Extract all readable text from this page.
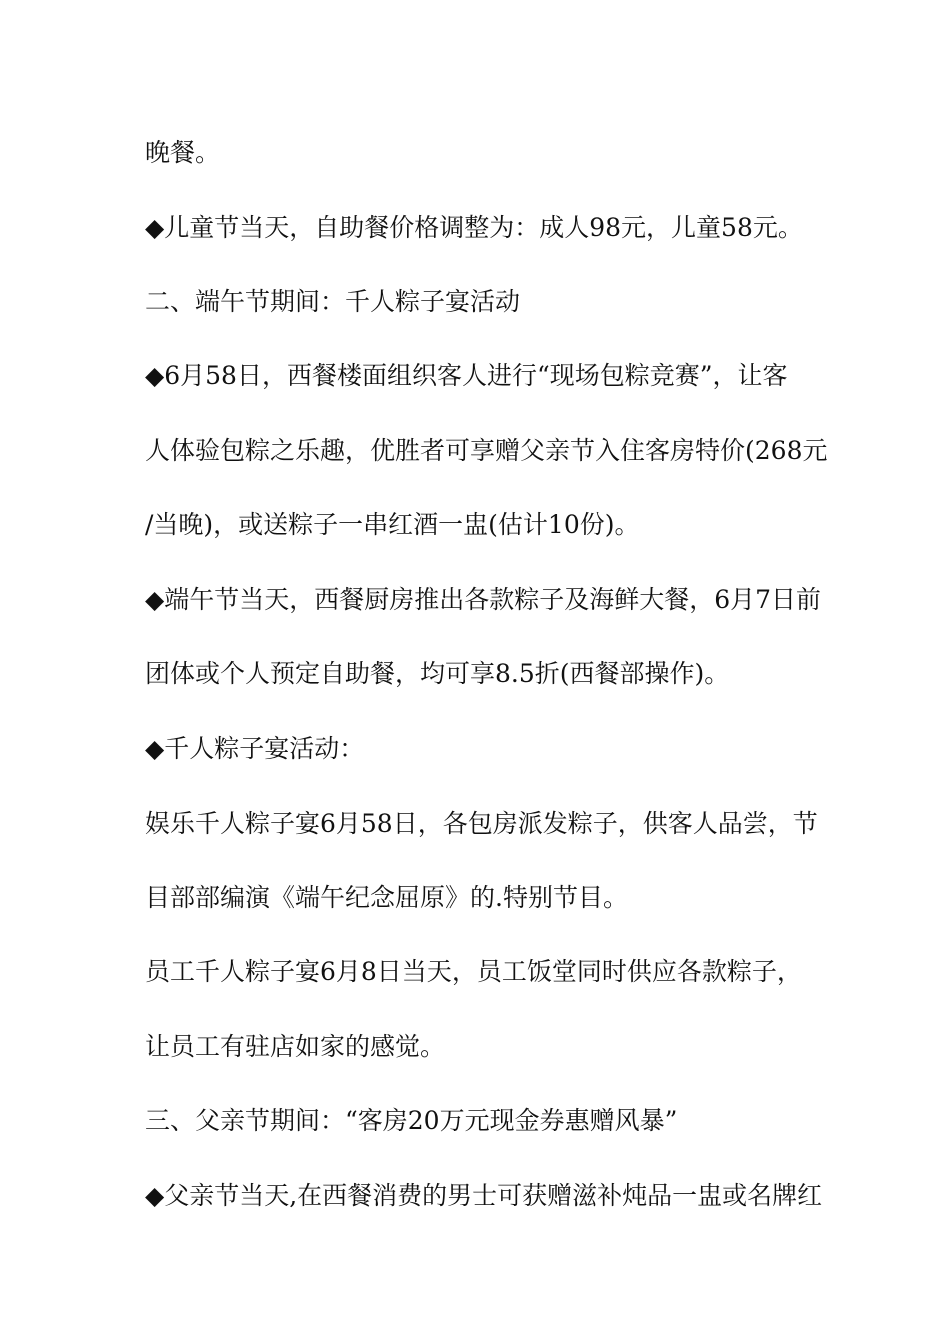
晚餐。
◆儿童节当天，自助餐价格调整为：成人98元，儿童58元。
二、端午节期间：千人粽子宴活动
◆6月58日，西餐楼面组织客人进行“现场包粽竞赛”，让客
人体验包粽之乐趣，优胜者可享赠父亲节入住客房特价(268元
/当晚)，或送粽子一串红酒一盅(估计10份)。
◆端午节当天，西餐厨房推出各款粽子及海鲜大餐，6月7日前
团体或个人预定自助餐，均可享8.5折(西餐部操作)。
◆千人粽子宴活动：
娱乐千人粽子宴6月58日，各包房派发粽子，供客人品尝，节
目部部编演《端午纪念屈原》的.特别节目。
员工千人粽子宴6月8日当天，员工饭堂同时供应各款粽子，
让员工有驻店如家的感觉。
三、父亲节期间：“客房20万元现金券惠赠风暴”
◆父亲节当天,在西餐消费的男士可获赠滋补炖品一盅或名牌红
